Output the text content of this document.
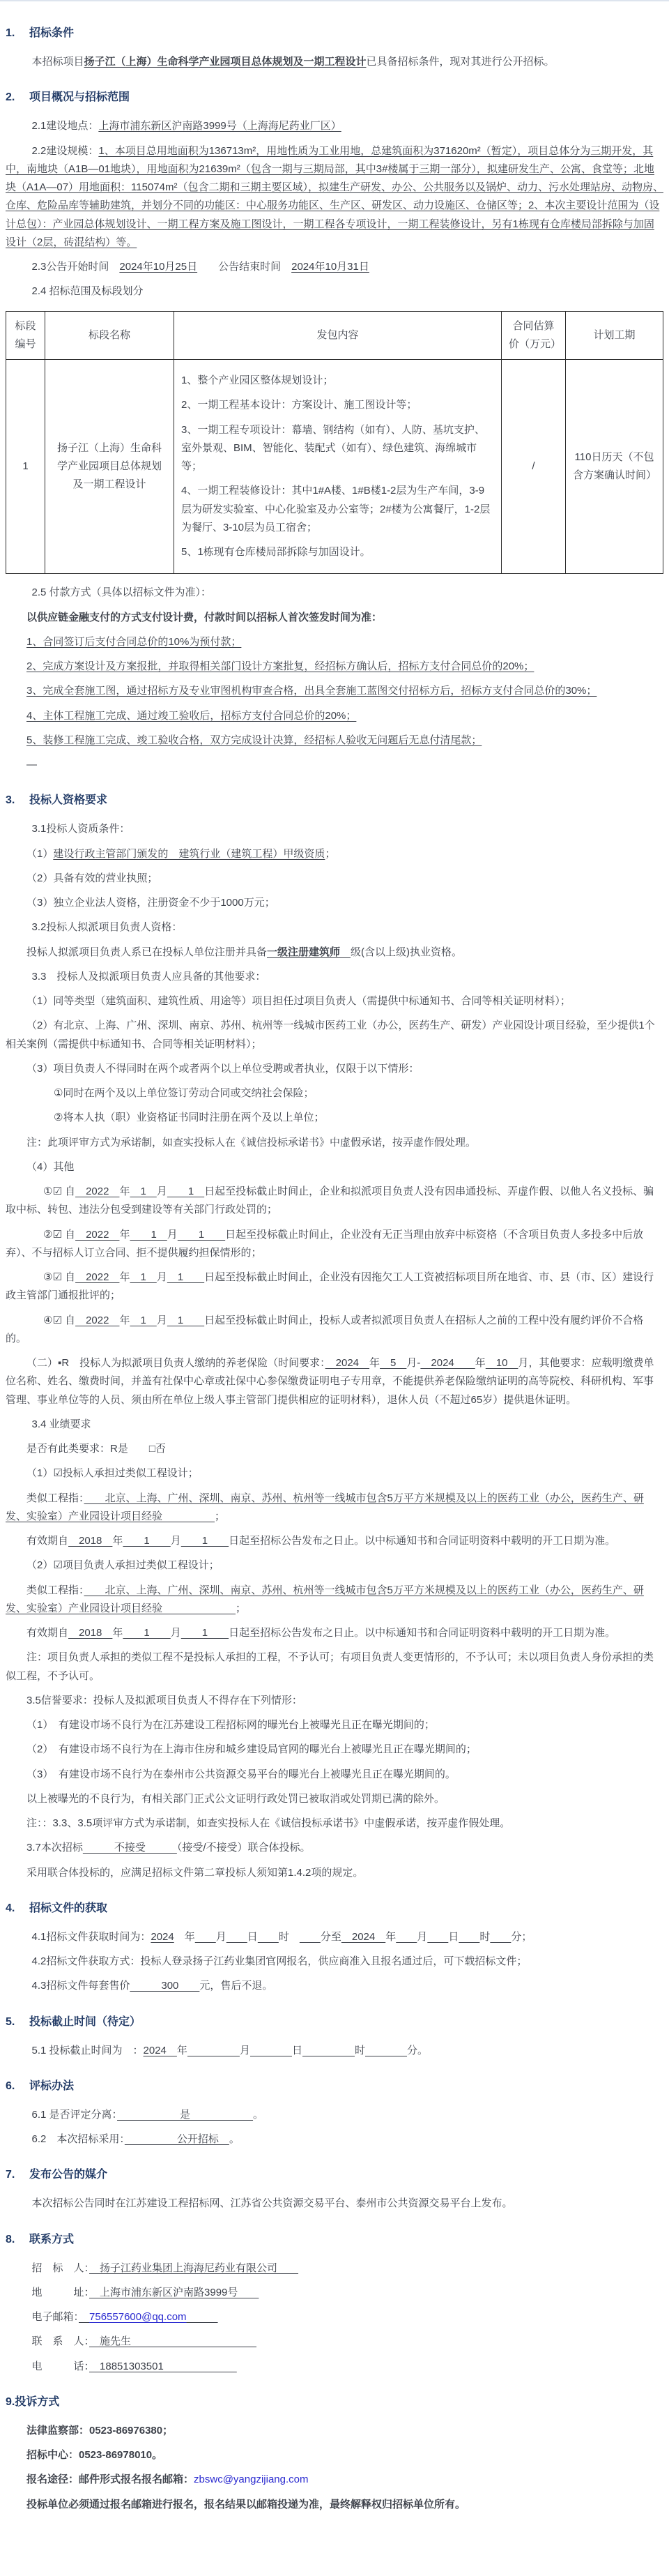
1.	招标条件
本招标项目扬子江（上海）生命科学产业园项目总体规划及一期工程设计已具备招标条件，现对其进行公开招标。
2.	项目概况与招标范围
2.1建设地点：上海市浦东新区沪南路3999号（上海海尼药业厂区）
2.2建设规模：1、本项目总用地面积为136713m²，用地性质为工业用地，总建筑面积为371620m²（暂定），项目总体分为三期开发，其中，南地块（A1B—01地块），用地面积为21639m²（包含一期与三期局部，其中3#楼属于三期一部分），拟建研发生产、公寓、食堂等；北地块（A1A—07）用地面积：115074m²（包含二期和三期主要区域），拟建生产研发、办公、公共服务以及锅炉、动力、污水处理站房、动物房、仓库、危险品库等辅助建筑，并划分不同的功能区：中心服务功能区、生产区、研发区、动力设施区、仓储区等；2、本次主要设计范围为（设计总包）：产业园总体规划设计、一期工程方案及施工图设计，一期工程各专项设计，一期工程装修设计，另有1栋现有仓库楼局部拆除与加固设计（2层，砖混结构）等。
2.3公告开始时间　2024年10月25日　　公告结束时间　2024年10月31日
2.4 招标范围及标段划分
标段编号	标段名称	发包内容	合同估算价（万元）	计划工期
1	扬子江（上海）生命科学产业园项目总体规划及一期工程设计	1、整个产业园区整体规划设计；
2、一期工程基本设计：方案设计、施工图设计等；
3、一期工程专项设计：幕墙、钢结构（如有）、人防、基坑支护、室外景观、BIM、智能化、装配式（如有）、绿色建筑、海绵城市等；
4、一期工程装修设计：其中1#A楼、1#B楼1-2层为生产车间，3-9层为研发实验室、中心化验室及办公室等；2#楼为公寓餐厅，1-2层为餐厅、3-10层为员工宿舍；
5、1栋现有仓库楼局部拆除与加固设计。	/	110日历天（不包含方案确认时间）
2.5 付款方式（具体以招标文件为准）：
以供应链金融支付的方式支付设计费，付款时间以招标人首次签发时间为准：
1、合同签订后支付合同总价的10%为预付款；
2、完成方案设计及方案报批，并取得相关部门设计方案批复，经招标方确认后，招标方支付合同总价的20%；
3、完成全套施工图，通过招标方及专业审图机构审查合格，出具全套施工蓝图交付招标方后，招标方支付合同总价的30%；
4、主体工程施工完成、通过竣工验收后，招标方支付合同总价的20%；
5、装修工程施工完成、竣工验收合格，双方完成设计决算，经招标人验收无问题后无息付清尾款；
—
3.	投标人资格要求
3.1投标人资质条件：
（1）建设行政主管部门颁发的　建筑行业（建筑工程）甲级资质；
（2）具备有效的营业执照；
（3）独立企业法人资格，注册资金不少于1000万元；
3.2投标人拟派项目负责人资格：
投标人拟派项目负责人系已在投标人单位注册并具备一级注册建筑师　级(含以上级)执业资格。
3.3　投标人及拟派项目负责人应具备的其他要求：
（1）同等类型（建筑面积、建筑性质、用途等）项目担任过项目负责人（需提供中标通知书、合同等相关证明材料）；
（2）有北京、上海、广州、深圳、南京、苏州、杭州等一线城市医药工业（办公，医药生产、研发）产业园设计项目经验，至少提供1个相关案例（需提供中标通知书、合同等相关证明材料）；
（3）项目负责人不得同时在两个或者两个以上单位受聘或者执业，仅限于以下情形：
①同时在两个及以上单位签订劳动合同或交纳社会保险；
②将本人执（职）业资格证书同时注册在两个及以上单位；
注：此项评审方式为承诺制，如查实投标人在《诚信投标承诺书》中虚假承诺，按弄虚作假处理。
（4）其他
①☑ 自　2022　年　1　月　　1　日起至投标截止时间止，企业和拟派项目负责人没有因串通投标、弄虚作假、以他人名义投标、骗取中标、转包、违法分包受到建设等有关部门行政处罚的；
②☑ 自　2022　年　　1　月　　1　　日起至投标截止时间止，企业没有无正当理由放弃中标资格（不含项目负责人多投多中后放弃）、不与招标人订立合同、拒不提供履约担保情形的；
③☑ 自　2022　年　1　月　1　　日起至投标截止时间止，企业没有因拖欠工人工资被招标项目所在地省、市、县（市、区）建设行政主管部门通报批评的；
④☑ 自　2022　年　1　月　1　　日起至投标截止时间止，投标人或者拟派项目负责人在招标人之前的工程中没有履约评价不合格的。
（二）▪R　投标人为拟派项目负责人缴纳的养老保险（时间要求：　2024　年　5　月-　2024　　年　10　月，其他要求：应载明缴费单位名称、姓名、缴费时间，并盖有社保中心章或社保中心参保缴费证明电子专用章，不能提供养老保险缴纳证明的高等院校、科研机构、军事管理、事业单位等的人员、须由所在单位上级人事主管部门提供相应的证明材料），退休人员（不超过65岁）提供退休证明。
3.4 业绩要求
是否有此类要求：R是　　□否
（1）☑投标人承担过类似工程设计；
类似工程指：　　北京、上海、广州、深圳、南京、苏州、杭州等一线城市包含5万平方米规模及以上的医药工业（办公，医药生产、研发、实验室）产业园设计项目经验　　　　　；
有效期自　2018　年　　1　　月　　1　　日起至招标公告发布之日止。以中标通知书和合同证明资料中载明的开工日期为准。
（2）☑项目负责人承担过类似工程设计；
类似工程指：　　北京、上海、广州、深圳、南京、苏州、杭州等一线城市包含5万平方米规模及以上的医药工业（办公，医药生产、研发、实验室）产业园设计项目经验　　　　　　　；
有效期自　2018　年　　1　　月　　1　　日起至招标公告发布之日止。以中标通知书和合同证明资料中载明的开工日期为准。
注：项目负责人承担的类似工程不是投标人承担的工程，不予认可；有项目负责人变更情形的，不予认可；未以项目负责人身份承担的类似工程，不予认可。
3.5信誉要求：投标人及拟派项目负责人不得存在下列情形：
（1）　有建设市场不良行为在江苏建设工程招标网的曝光台上被曝光且正在曝光期间的；
（2）　有建设市场不良行为在上海市住房和城乡建设局官网的曝光台上被曝光且正在曝光期间的；
（3）　有建设市场不良行为在泰州市公共资源交易平台的曝光台上被曝光且正在曝光期间的。
以上被曝光的不良行为，有相关部门正式公文证明行政处罚已被取消或处罚期已满的除外。
注：：3.3、3.5项评审方式为承诺制，如查实投标人在《诚信投标承诺书》中虚假承诺，按弄虚作假处理。
3.7本次招标　　　不接受　　　（接受/不接受）联合体投标。
采用联合体投标的，应满足招标文件第二章投标人须知第1.4.2项的规定。
4.	招标文件的获取
4.1招标文件获取时间为：2024　年　　 月　　 日　　 时　　　分至　2024　年　　 月　　 日　　 时　　 分；
4.2招标文件获取方式：投标人登录扬子江药业集团官网报名，供应商准入且报名通过后，可下载招标文件；
4.3招标文件每套售价　　　300　　元，售后不退。
5.	投标截止时间（待定）
5.1 投标截止时间为　：2024　年　　　　　	月　　　　	日　　　　　	时　　　　	分。
6.	评标办法
6.1 是否评定分离：　　　　　　是　　　　　　。
6.2　本次招标采用：　　　　　公开招标　。
7.	发布公告的媒介
本次招标公告同时在江苏建设工程招标网、江苏省公共资源交易平台、泰州市公共资源交易平台上发布。
8.	联系方式
招　标　人：　扬子江药业集团上海海尼药业有限公司　　
地　　　址：　上海市浦东新区沪南路3999号　　
电子邮箱：　 756557600@qq.com　　　
联　系　人：　施先生　　　　　　　　　　　　
电　　　话：　18851303501　　　　　　　
9. 投诉方式
法律监察部：0523-86976380；
招标中心：0523-86978010。
报名途径：邮件形式报名报名邮箱：zbswc@yangzijiang.com
投标单位必须通过报名邮箱进行报名，报名结果以邮箱投递为准，最终解释权归招标单位所有。
